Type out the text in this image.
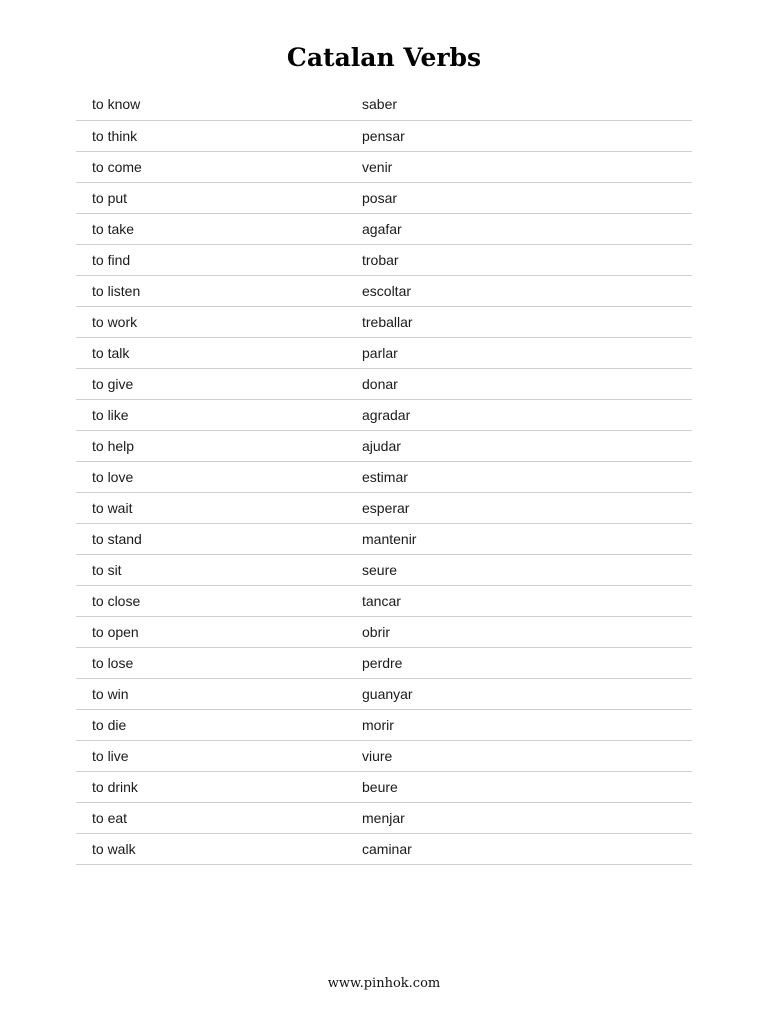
Catalan Verbs
to know	saber
to think	pensar
to come	venir
to put	posar
to take	agafar
to find	trobar
to listen	escoltar
to work	treballar
to talk	parlar
to give	donar
to like	agradar
to help	ajudar
to love	estimar
to wait	esperar
to stand	mantenir
to sit	seure
to close	tancar
to open	obrir
to lose	perdre
to win	guanyar
to die	morir
to live	viure
to drink	beure
to eat	menjar
to walk	caminar
www.pinhok.com
